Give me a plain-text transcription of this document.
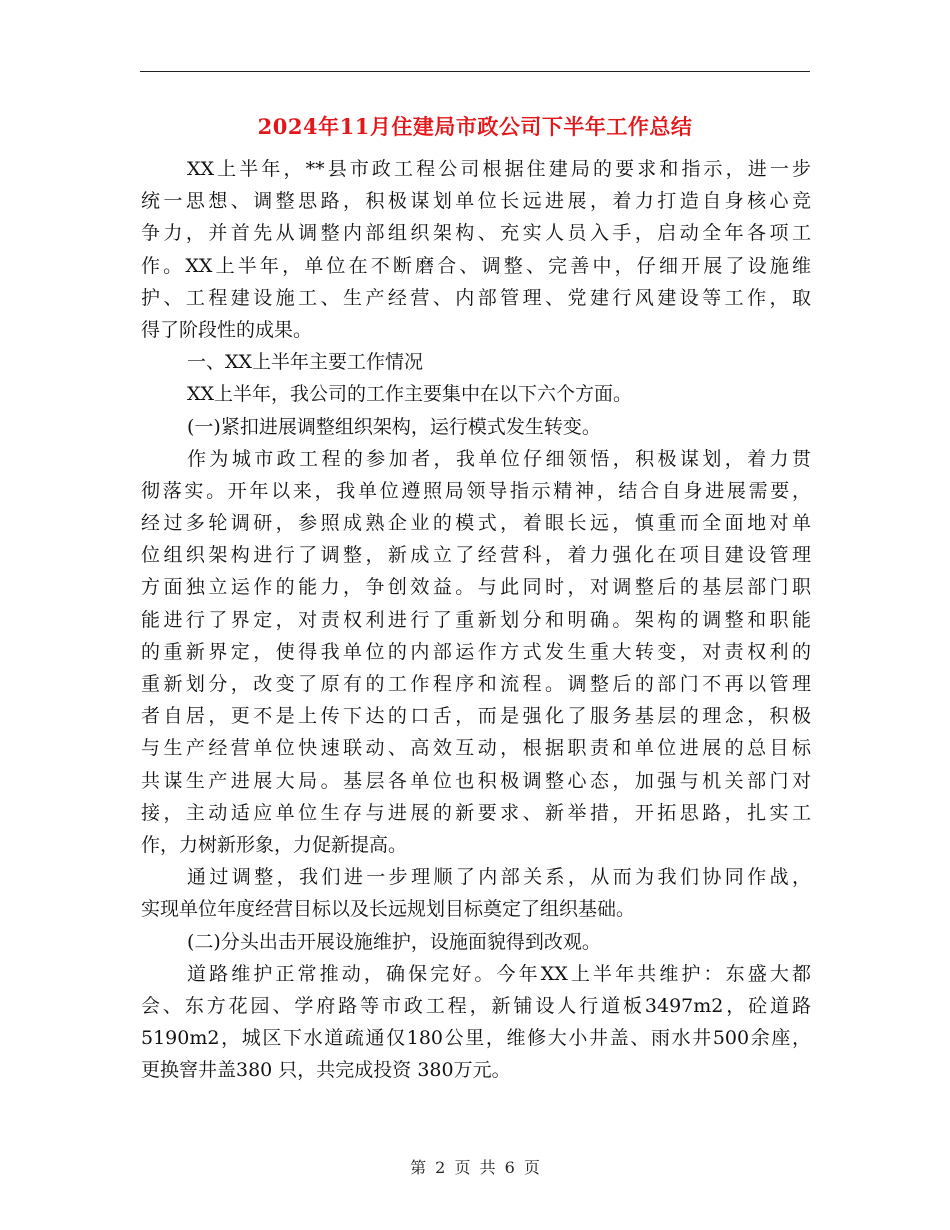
2024年11月住建局市政公司下半年工作总结
XX上半年，**县市政工程公司根据住建局的要求和指示，进一步
统一思想、调整思路，积极谋划单位长远进展，着力打造自身核心竞
争力，并首先从调整内部组织架构、充实人员入手，启动全年各项工
作。XX上半年，单位在不断磨合、调整、完善中，仔细开展了设施维
护、工程建设施工、生产经营、内部管理、党建行风建设等工作，取
得了阶段性的成果。
一、XX上半年主要工作情况
XX上半年，我公司的工作主要集中在以下六个方面。
(一)紧扣进展调整组织架构，运行模式发生转变。
作为城市政工程的参加者，我单位仔细领悟，积极谋划，着力贯
彻落实。开年以来，我单位遵照局领导指示精神，结合自身进展需要，
经过多轮调研，参照成熟企业的模式，着眼长远，慎重而全面地对单
位组织架构进行了调整，新成立了经营科，着力强化在项目建设管理
方面独立运作的能力，争创效益。与此同时，对调整后的基层部门职
能进行了界定，对责权利进行了重新划分和明确。架构的调整和职能
的重新界定，使得我单位的内部运作方式发生重大转变，对责权利的
重新划分，改变了原有的工作程序和流程。调整后的部门不再以管理
者自居，更不是上传下达的口舌，而是强化了服务基层的理念，积极
与生产经营单位快速联动、高效互动，根据职责和单位进展的总目标
共谋生产进展大局。基层各单位也积极调整心态，加强与机关部门对
接，主动适应单位生存与进展的新要求、新举措，开拓思路，扎实工
作，力树新形象，力促新提高。
通过调整，我们进一步理顺了内部关系，从而为我们协同作战，
实现单位年度经营目标以及长远规划目标奠定了组织基础。
(二)分头出击开展设施维护，设施面貌得到改观。
道路维护正常推动，确保完好。今年XX上半年共维护：东盛大都
会、东方花园、学府路等市政工程，新铺设人行道板3497m2，砼道路
5190m2，城区下水道疏通仅180公里，维修大小井盖、雨水井500余座，
更换窨井盖380 只，共完成投资 380万元。
第 2 页 共 6 页
